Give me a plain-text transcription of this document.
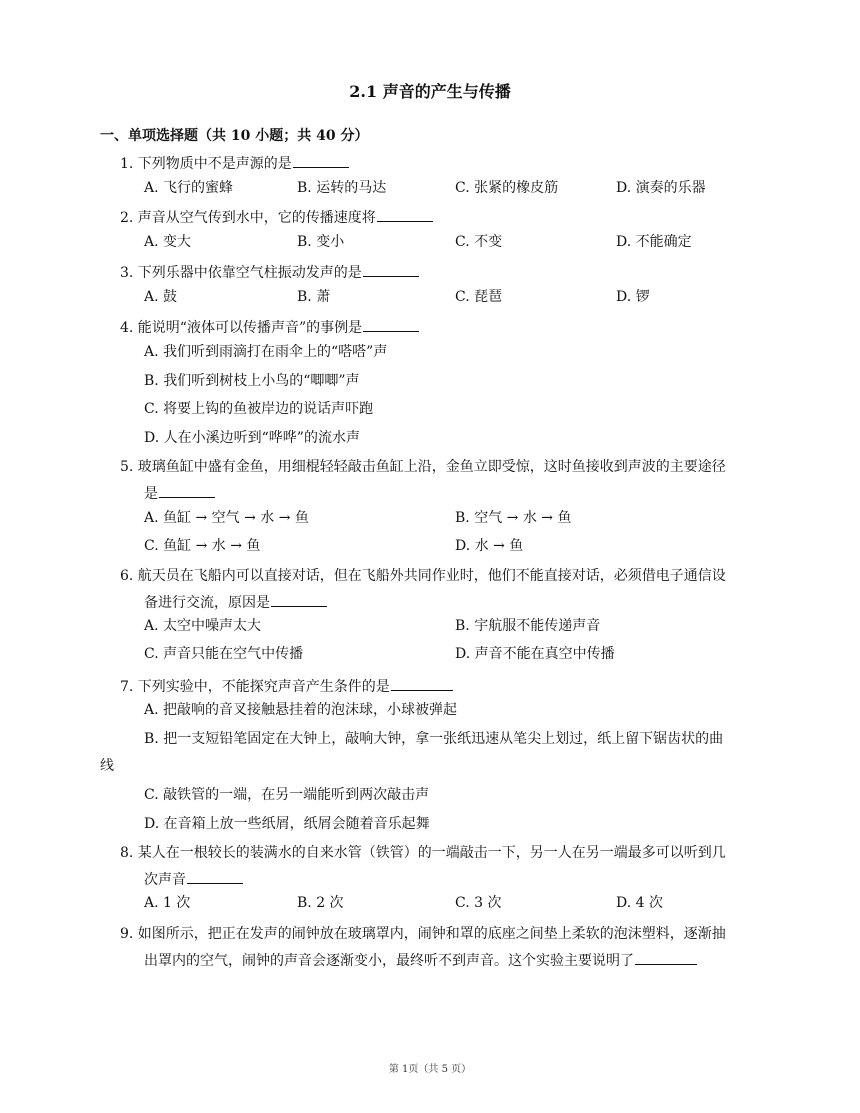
2.1 声音的产生与传播
一、单项选择题（共 10 小题；共 40 分）
1. 下列物质中不是声源的是
A. 飞行的蜜蜂	B. 运转的马达	C. 张紧的橡皮筋	D. 演奏的乐器
2. 声音从空气传到水中，它的传播速度将
A. 变大	B. 变小	C. 不变	D. 不能确定
3. 下列乐器中依靠空气柱振动发声的是
A. 鼓	B. 萧	C. 琵琶	D. 锣
4. 能说明“液体可以传播声音”的事例是
A. 我们听到雨滴打在雨伞上的“嗒嗒”声
B. 我们听到树枝上小鸟的“唧唧”声
C. 将要上钩的鱼被岸边的说话声吓跑
D. 人在小溪边听到“哗哗”的流水声
5. 玻璃鱼缸中盛有金鱼，用细棍轻轻敲击鱼缸上沿，金鱼立即受惊，这时鱼接收到声波的主要途径
是
A. 鱼缸 → 空气 → 水 → 鱼	B. 空气 → 水 → 鱼
C. 鱼缸 → 水 → 鱼	D. 水 → 鱼
6. 航天员在飞船内可以直接对话，但在飞船外共同作业时，他们不能直接对话，必须借电子通信设
备进行交流，原因是
A. 太空中噪声太大	B. 宇航服不能传递声音
C. 声音只能在空气中传播	D. 声音不能在真空中传播
7. 下列实验中，不能探究声音产生条件的是
A. 把敲响的音叉接触悬挂着的泡沫球，小球被弹起
B. 把一支短铅笔固定在大钟上，敲响大钟，拿一张纸迅速从笔尖上划过，纸上留下锯齿状的曲
线
C. 敲铁管的一端，在另一端能听到两次敲击声
D. 在音箱上放一些纸屑，纸屑会随着音乐起舞
8. 某人在一根较长的装满水的自来水管（铁管）的一端敲击一下，另一人在另一端最多可以听到几
次声音
A. 1 次	B. 2 次	C. 3 次	D. 4 次
9. 如图所示，把正在发声的闹钟放在玻璃罩内，闹钟和罩的底座之间垫上柔软的泡沫塑料，逐渐抽
出罩内的空气，闹钟的声音会逐渐变小，最终听不到声音。这个实验主要说明了
第 1页（共 5 页）
